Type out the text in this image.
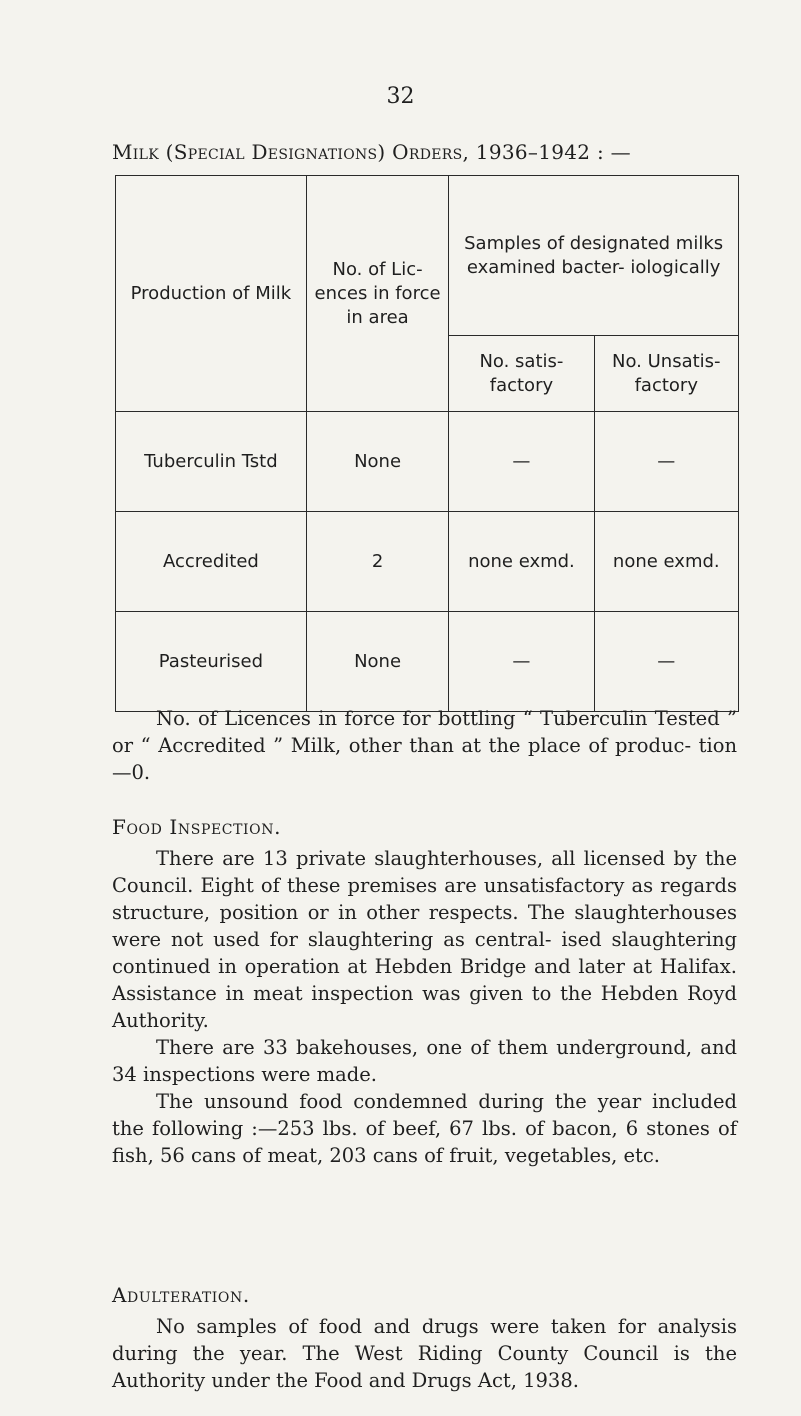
32
Milk (Special Designations) Orders, 1936–1942 : —
Production of Milk	No. of Lic- ences in force in area	Samples of designated milks examined bacter- iologically	
		No. satis- factory	No. Unsatis- factory
Tuberculin Tstd	None	—	—
Accredited	2	none exmd.	none exmd.
Pasteurised	None	—	—

No. of Licences in force for bottling “ Tuberculin Tested ” or “ Accredited ” Milk, other than at the place of produc- tion—0.

Food Inspection.

There are 13 private slaughterhouses, all licensed by the Council. Eight of these premises are unsatisfactory as regards structure, position or in other respects. The slaughterhouses were not used for slaughtering as central- ised slaughtering continued in operation at Hebden Bridge and later at Halifax. Assistance in meat inspection was given to the Hebden Royd Authority.

There are 33 bakehouses, one of them underground, and 34 inspections were made.

The unsound food condemned during the year included the following :—253 lbs. of beef, 67 lbs. of bacon, 6 stones of fish, 56 cans of meat, 203 cans of fruit, vegetables, etc.

Adulteration.

No samples of food and drugs were taken for analysis during the year. The West Riding County Council is the Authority under the Food and Drugs Act, 1938.
